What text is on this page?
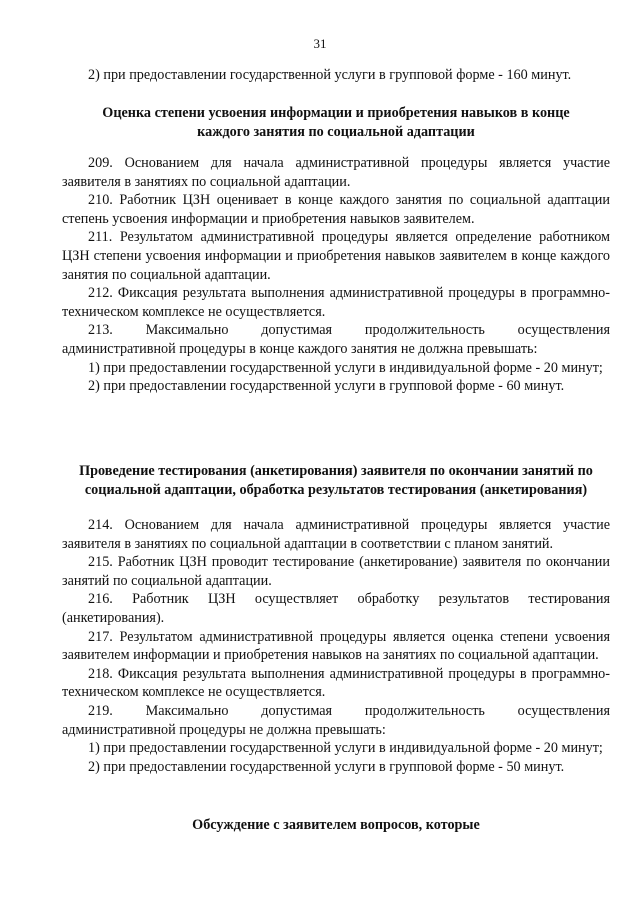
31

2) при предоставлении государственной услуги в групповой форме - 160 минут.

Оценка степени усвоения информации и приобретения навыков в конце
каждого занятия по социальной адаптации

209. Основанием для начала административной процедуры является участие заявителя в занятиях по социальной адаптации.

210. Работник ЦЗН оценивает в конце каждого занятия по социальной адаптации степень усвоения информации и приобретения навыков заявителем.

211. Результатом административной процедуры является определение работником ЦЗН степени усвоения информации и приобретения навыков заявителем в конце каждого занятия по социальной адаптации.

212. Фиксация результата выполнения административной процедуры в программно-техническом комплексе не осуществляется.

213. Максимально допустимая продолжительность осуществления административной процедуры в конце каждого занятия не должна превышать:

1) при предоставлении государственной услуги в индивидуальной форме - 20 минут;

2) при предоставлении государственной услуги в групповой форме - 60 минут.

Проведение тестирования (анкетирования) заявителя по окончании занятий по
социальной адаптации, обработка результатов тестирования (анкетирования)

214. Основанием для начала административной процедуры является участие заявителя в занятиях по социальной адаптации в соответствии с планом занятий.

215. Работник ЦЗН проводит тестирование (анкетирование) заявителя по окончании занятий по социальной адаптации.

216. Работник ЦЗН осуществляет обработку результатов тестирования (анкетирования).

217. Результатом административной процедуры является оценка степени усвоения заявителем информации и приобретения навыков на занятиях по социальной адаптации.

218. Фиксация результата выполнения административной процедуры в программно-техническом комплексе не осуществляется.

219. Максимально допустимая продолжительность осуществления административной процедуры не должна превышать:

1) при предоставлении государственной услуги в индивидуальной форме - 20 минут;

2) при предоставлении государственной услуги в групповой форме - 50 минут.

Обсуждение с заявителем вопросов, которые
